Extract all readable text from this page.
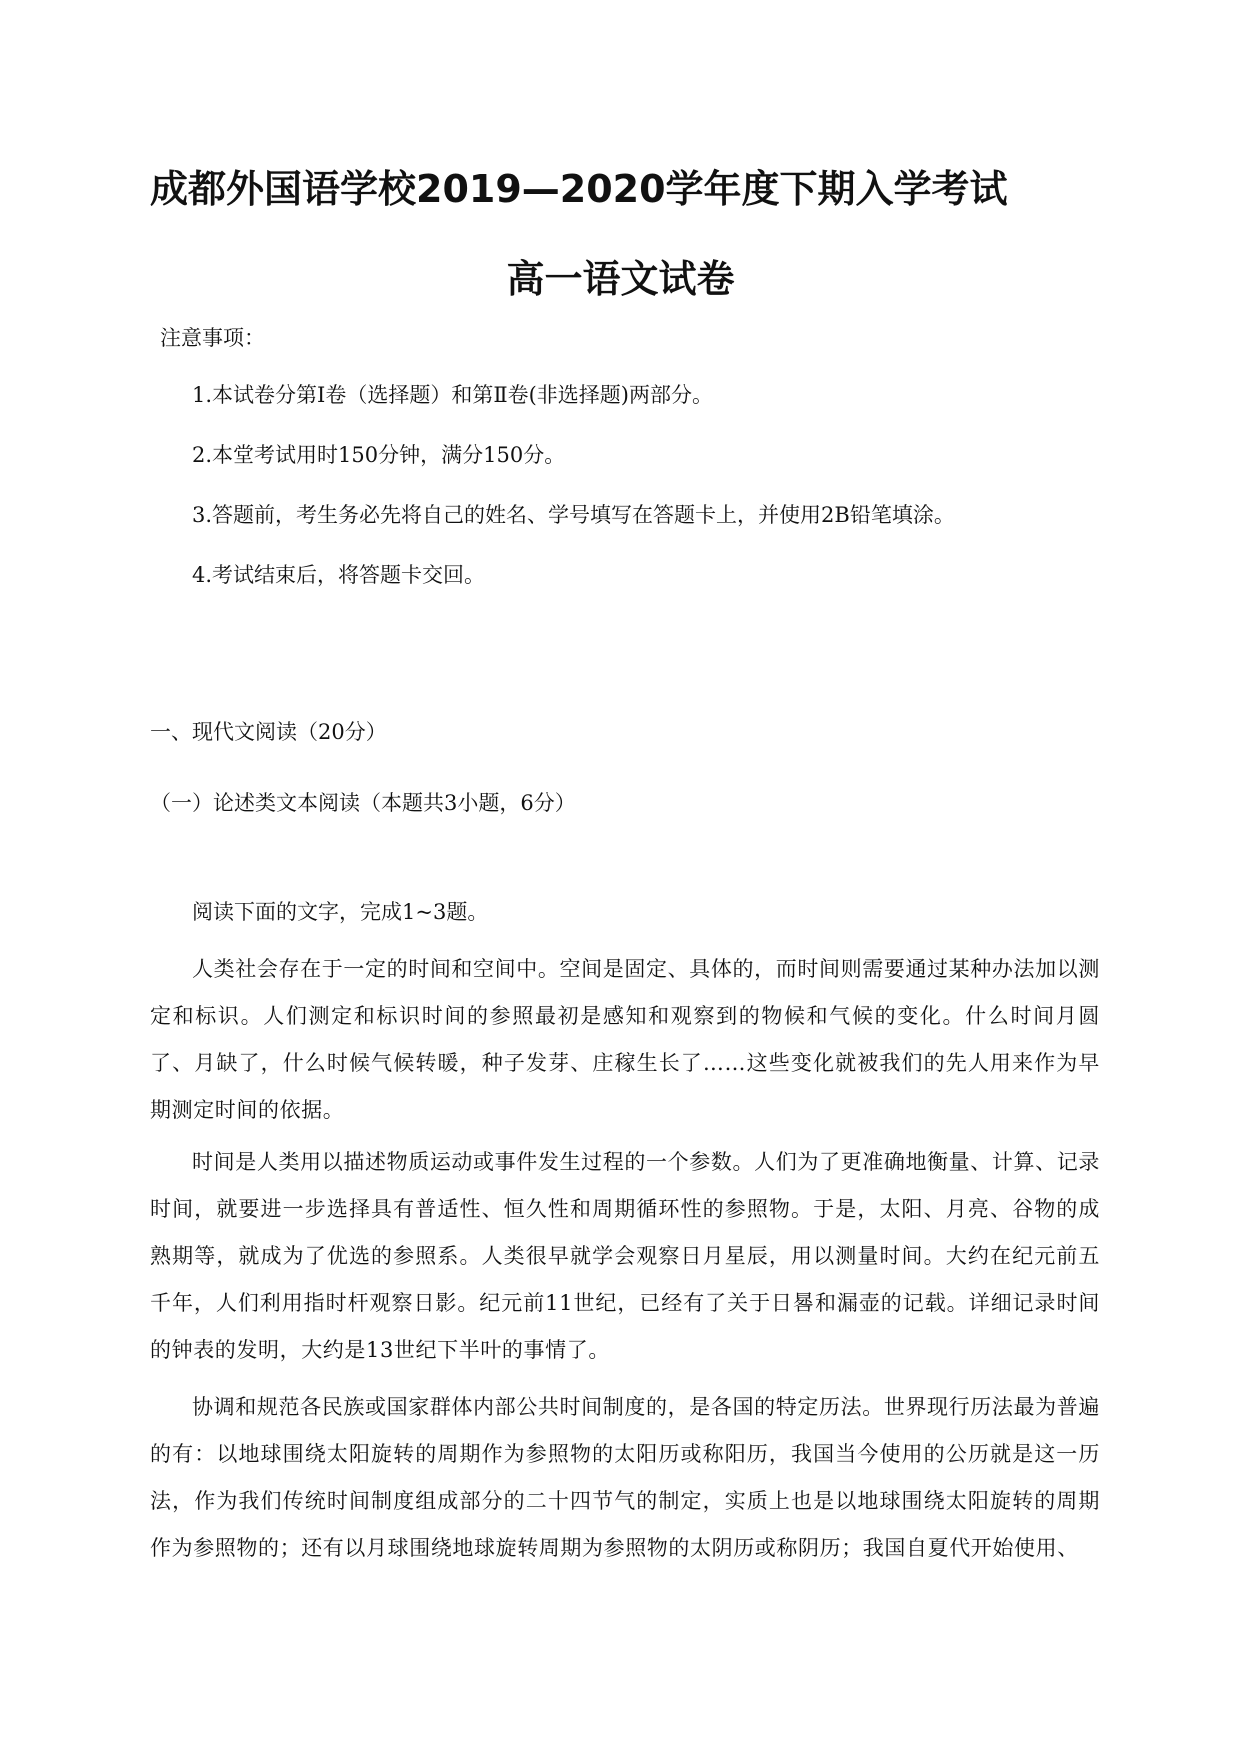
成都外国语学校2019—2020学年度下期入学考试
高一语文试卷
注意事项：
1.本试卷分第Ⅰ卷（选择题）和第Ⅱ卷(非选择题)两部分。
2.本堂考试用时150分钟，满分150分。
3.答题前，考生务必先将自己的姓名、学号填写在答题卡上，并使用2B铅笔填涂。
4.考试结束后，将答题卡交回。
一、现代文阅读（20分）
（一）论述类文本阅读（本题共3小题，6分）
阅读下面的文字，完成1~3题。
人类社会存在于一定的时间和空间中。空间是固定、具体的，而时间则需要通过某种办法加以测定和标识。人们测定和标识时间的参照最初是感知和观察到的物候和气候的变化。什么时间月圆了、月缺了，什么时候气候转暖，种子发芽、庄稼生长了……这些变化就被我们的先人用来作为早期测定时间的依据。
时间是人类用以描述物质运动或事件发生过程的一个参数。人们为了更准确地衡量、计算、记录时间，就要进一步选择具有普适性、恒久性和周期循环性的参照物。于是，太阳、月亮、谷物的成熟期等，就成为了优选的参照系。人类很早就学会观察日月星辰，用以测量时间。大约在纪元前五千年，人们利用指时杆观察日影。纪元前11世纪，已经有了关于日晷和漏壶的记载。详细记录时间的钟表的发明，大约是13世纪下半叶的事情了。
协调和规范各民族或国家群体内部公共时间制度的，是各国的特定历法。世界现行历法最为普遍的有：以地球围绕太阳旋转的周期作为参照物的太阳历或称阳历，我国当今使用的公历就是这一历法，作为我们传统时间制度组成部分的二十四节气的制定，实质上也是以地球围绕太阳旋转的周期作为参照物的；还有以月球围绕地球旋转周期为参照物的太阴历或称阴历；我国自夏代开始使用、
